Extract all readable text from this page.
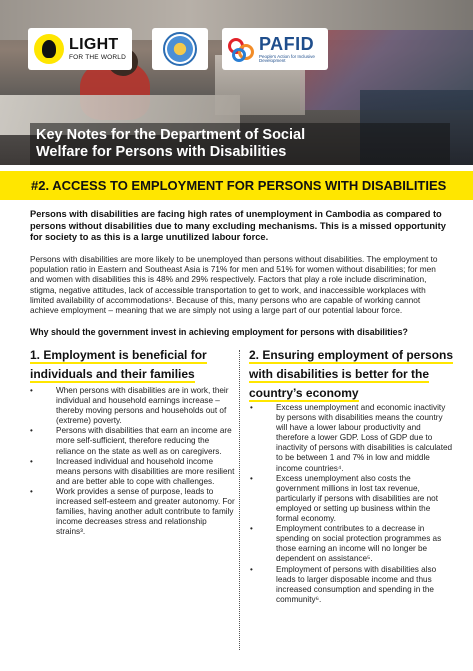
LIGHT
FOR THE WORLD
PAFID
People's Action for Inclusive Development
Key Notes for the Department of Social
Welfare for Persons with Disabilities
#2. ACCESS TO EMPLOYMENT FOR PERSONS WITH DISABILITIES

Persons with disabilities are facing high rates of unemployment in Cambodia as compared to persons without disabilities due to many excluding mechanisms. This is a missed opportunity for society to as this is a large unutilized labour force.

Persons with disabilities are more likely to be unemployed than persons without disabilities. The employment to population ratio in Eastern and Southeast Asia is 71% for men and 51% for women without disabilities; for men and women with disabilities this is 48% and 29% respectively. Factors that play a role include discrimination, stigma, negative attitudes, lack of accessible transportation to get to work, and inaccessible workplaces with limited availability of accommodations¹. Because of this, many persons who are capable of working cannot achieve employment – meaning that we are simply not using a large part of our potential labour force.

Why should the government invest in achieving employment for persons with disabilities?

1. Employment is beneficial for
individuals and their families
2. Ensuring employment of persons
with disabilities is better for the
country’s economy
• When persons with disabilities are in work, their individual and household earnings increase – thereby moving persons and households out of (extreme) poverty.
• Persons with disabilities that earn an income are more self-sufficient, therefore reducing the reliance on the state as well as on caregivers.
• Increased individual and household income means persons with disabilities are more resilient and are better able to cope with challenges.
• Work provides a sense of purpose, leads to increased self-esteem and greater autonomy. For families, having another adult contribute to family income decreases stress and relationship strains³.
• Excess unemployment and economic inactivity by persons with disabilities means the country will have a lower labour productivity and therefore a lower GDP. Loss of GDP due to inactivity of persons with disabilities is calculated to be between 1 and 7% in low and middle income countries⁴.
• Excess unemployment also costs the government millions in lost tax revenue, particularly if persons with disabilities are not employed or setting up business within the formal economy.
• Employment contributes to a decrease in spending on social protection programmes as those earning an income will no longer be dependent on assistance⁵.
• Employment of persons with disabilities also leads to larger disposable income and thus increased consumption and spending in the community⁶.
